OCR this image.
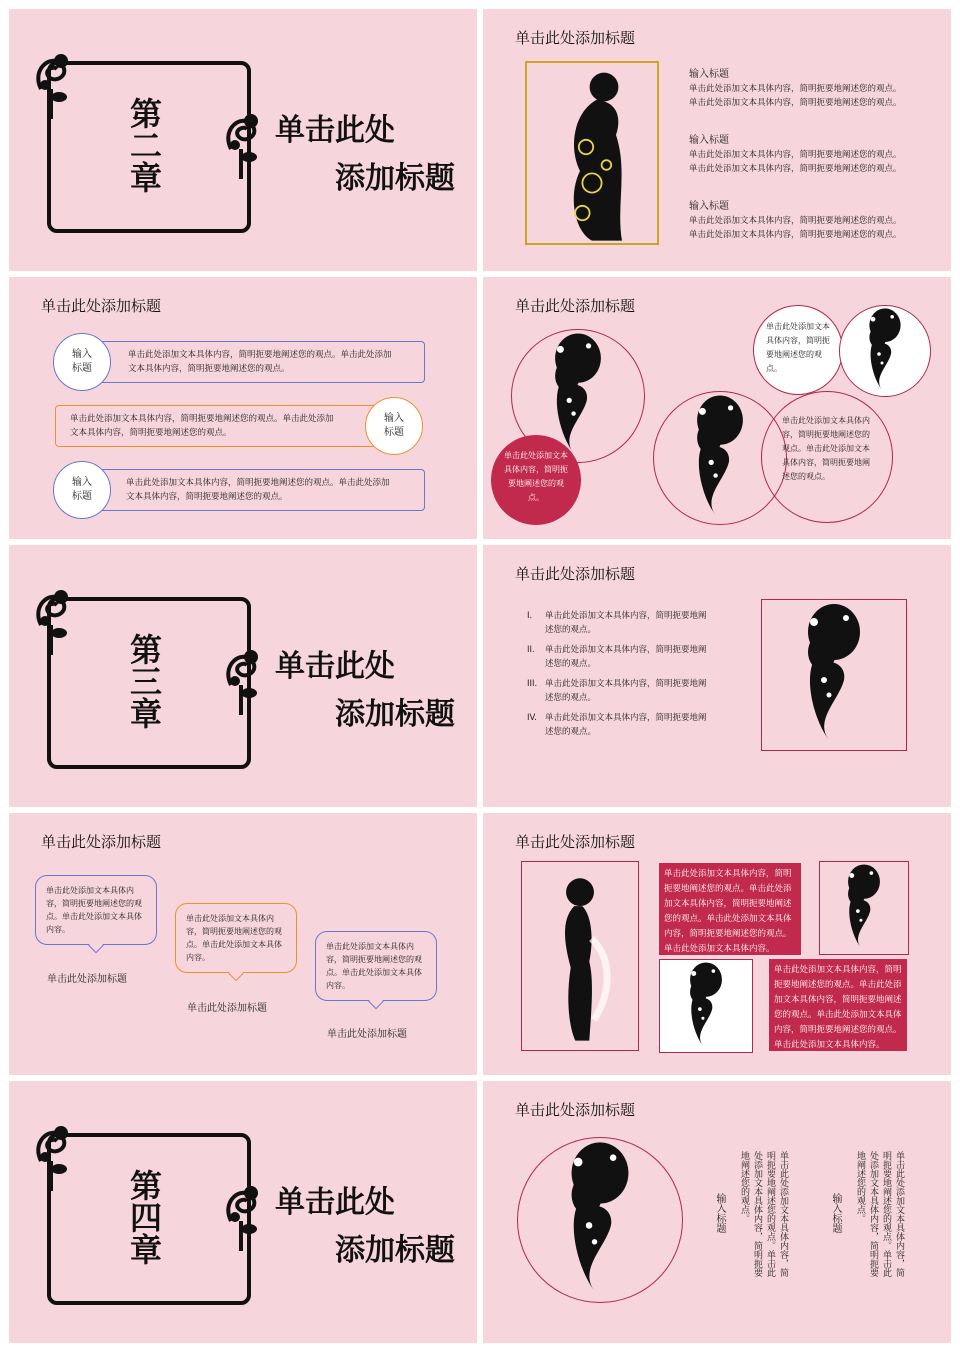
第二章	单击此处
添加标题
单击此处添加标题
输入标题
单击此处添加文本具体内容，简明扼要地阐述您的观点。
单击此处添加文本具体内容，简明扼要地阐述您的观点。
输入标题
单击此处添加文本具体内容，简明扼要地阐述您的观点。
单击此处添加文本具体内容，简明扼要地阐述您的观点。
输入标题
单击此处添加文本具体内容，简明扼要地阐述您的观点。
单击此处添加文本具体内容，简明扼要地阐述您的观点。
单击此处添加标题
单击此处添加文本具体内容，简明扼要地阐述您的观点。单击此处添加
文本具体内容，简明扼要地阐述您的观点。
输入
标题
单击此处添加文本具体内容，简明扼要地阐述您的观点。单击此处添加
文本具体内容，简明扼要地阐述您的观点。
输入
标题
单击此处添加文本具体内容，简明扼要地阐述您的观点。单击此处添加
文本具体内容，简明扼要地阐述您的观点。
输入
标题
单击此处添加标题
单击此处添加文本具体内容，简明扼要地阐述您的观点。
单击此处添加文本具体内容，简明扼要地阐述您的观点。
单击此处添加文本具体内容，简明扼要地阐述您的观点。单击此处添加文本具体内容，简明扼要地阐述您的观点。
第三章	单击此处
添加标题
单击此处添加标题
I. 单击此处添加文本具体内容，简明扼要地阐
述您的观点。
II. 单击此处添加文本具体内容，简明扼要地阐
述您的观点。
III. 单击此处添加文本具体内容，简明扼要地阐
述您的观点。
IV. 单击此处添加文本具体内容，简明扼要地阐
述您的观点。
单击此处添加标题
单击此处添加文本具体内容，简明扼要地阐述您的观点。单击此处添加文本具体内容。
单击此处添加标题
单击此处添加文本具体内容，简明扼要地阐述您的观点。单击此处添加文本具体内容。
单击此处添加标题
单击此处添加文本具体内容，简明扼要地阐述您的观点。单击此处添加文本具体内容。
单击此处添加标题
单击此处添加标题
单击此处添加文本具体内容，简明扼要地阐述您的观点。单击此处添加文本具体内容，简明扼要地阐述您的观点。单击此处添加文本具体内容，简明扼要地阐述您的观点。单击此处添加文本具体内容。
单击此处添加文本具体内容，简明扼要地阐述您的观点。单击此处添加文本具体内容，简明扼要地阐述您的观点。单击此处添加文本具体内容，简明扼要地阐述您的观点。单击此处添加文本具体内容。
第四章	单击此处
添加标题
单击此处添加标题
输入标题	单击此处添加文本具体内容，简明扼要地阐述您的观点。单击此处添加文本具体内容，简明扼要地阐述您的观点。	输入标题	单击此处添加文本具体内容，简明扼要地阐述您的观点。单击此处添加文本具体内容，简明扼要地阐述您的观点。
